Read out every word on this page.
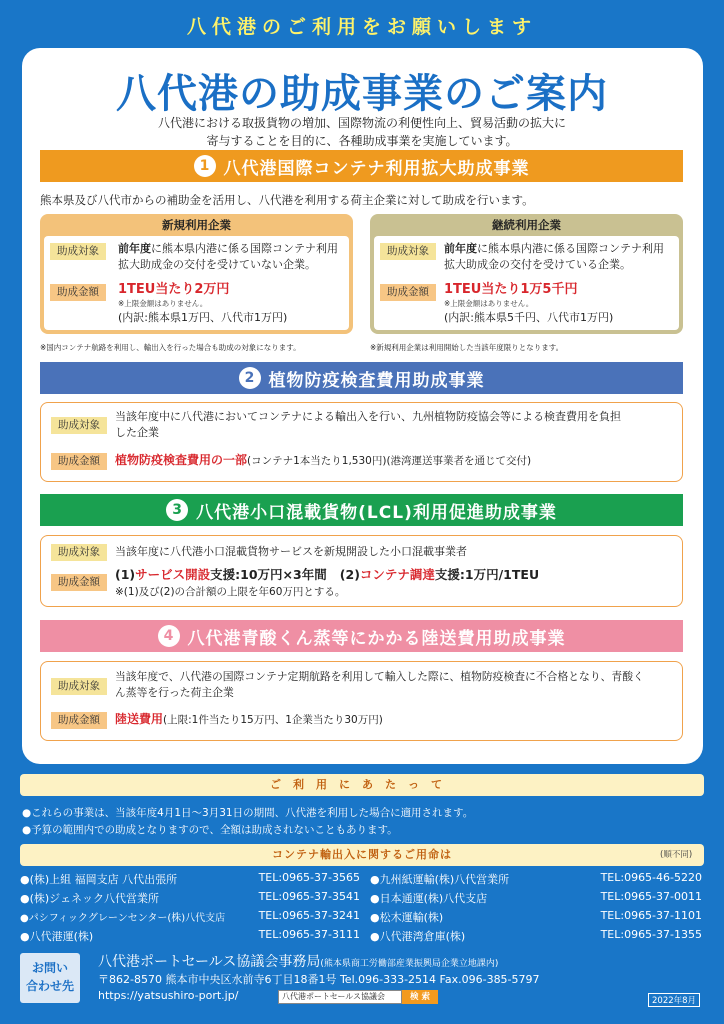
八代港のご利用をお願いします
八代港の助成事業のご案内
八代港における取扱貨物の増加、国際物流の利便性向上、貿易活動の拡大に
寄与することを目的に、各種助成事業を実施しています。
1 八代港国際コンテナ利用拡大助成事業
熊本県及び八代市からの補助金を活用し、八代港を利用する荷主企業に対して助成を行います。
新規利用企業
助成対象	前年度に熊本県内港に係る国際コンテナ利用
拡大助成金の交付を受けていない企業。
助成金額	1TEU当たり2万円
※上限金額はありません。
(内訳:熊本県1万円、八代市1万円)
※国内コンテナ航路を利用し、輸出入を行った場合も助成の対象になります。
継続利用企業
助成対象	前年度に熊本県内港に係る国際コンテナ利用
拡大助成金の交付を受けている企業。
助成金額	1TEU当たり1万5千円
※上限金額はありません。
(内訳:熊本県5千円、八代市1万円)
※新規利用企業は利用開始した当該年度限りとなります。
2 植物防疫検査費用助成事業
助成対象
当該年度中に八代港においてコンテナによる輸出入を行い、九州植物防疫協会等による検査費用を負担
した企業
助成金額	植物防疫検査費用の一部(コンテナ1本当たり1,530円)(港湾運送事業者を通じて交付)
3 八代港小口混載貨物(LCL)利用促進助成事業
助成対象	当該年度に八代港小口混載貨物サービスを新規開設した小口混載事業者
助成金額	(1)サービス開設支援:10万円×3年間 (2)コンテナ調達支援:1万円/1TEU
※(1)及び(2)の合計額の上限を年60万円とする。
4 八代港青酸くん蒸等にかかる陸送費用助成事業
助成対象
当該年度で、八代港の国際コンテナ定期航路を利用して輸入した際に、植物防疫検査に不合格となり、青酸く
ん蒸等を行った荷主企業
助成金額	陸送費用(上限:1件当たり15万円、1企業当たり30万円)
ご利用にあたって
●これらの事業は、当該年度4月1日～3月31日の期間、八代港を利用した場合に適用されます。
●予算の範囲内での助成となりますので、全額は助成されないこともあります。
コンテナ輸出入に関するご用命は	(順不同)
●(株)上組 福岡支店 八代出張所	TEL:0965-37-3565
●(株)ジェネック八代営業所	TEL:0965-37-3541
●パシフィックグレーンセンター(株)八代支店	TEL:0965-37-3241
●八代港運(株)	TEL:0965-37-3111
●九州紙運輸(株)八代営業所	TEL:0965-46-5220
●日本通運(株)八代支店	TEL:0965-37-0011
●松木運輸(株)	TEL:0965-37-1101
●八代港湾倉庫(株)	TEL:0965-37-1355
お問い
合わせ先
八代港ポートセールス協議会事務局(熊本県商工労働部産業振興局企業立地課内)
〒862-8570 熊本市中央区水前寺6丁目18番1号 Tel.096-333-2514 Fax.096-385-5797
https://yatsushiro-port.jp/	八代港ポートセールス協議会	検 索	2022年8月
